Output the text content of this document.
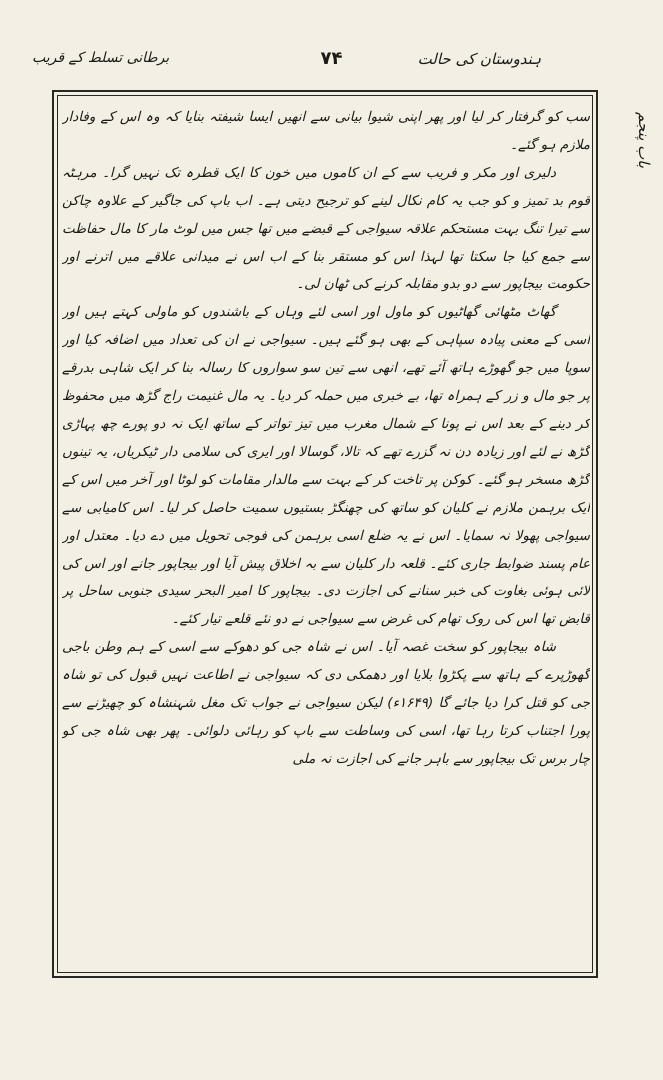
ہندوستان کی حالت
۷۴
برطانی تسلط کے قریب
باب پنجم

سب کو گرفتار کر لیا اور پھر اپنی شیوا بیانی سے انھیں ایسا شیفتہ بنایا کہ وہ اس کے وفادار ملازم ہو گئے۔

دلیری اور مکر و فریب سے کے ان کاموں میں خون کا ایک قطرہ تک نہیں گرا۔ مرہٹہ قوم بد تمیز و کو جب یہ کام نکال لینے کو ترجیح دیتی ہے۔ اب باپ کی جاگیر کے علاوہ چاکن سے تیرا تنگ بہت مستحکم علاقہ سیواجی کے قبضے میں تھا جس میں لوٹ مار کا مال حفاظت سے جمع کیا جا سکتا تھا لہذا اس کو مستقر بنا کے اب اس نے میدانی علاقے میں اترنے اور حکومت بیجاپور سے دو بدو مقابلہ کرنے کی ٹھان لی۔

گھاٹ مٹھائی گھاٹیوں کو ماول اور اسی لئے وہاں کے باشندوں کو ماولی کہتے ہیں اور اسی کے معنی پیادہ سپاہی کے بھی ہو گئے ہیں۔ سیواجی نے ان کی تعداد میں اضافہ کیا اور سوپا میں جو گھوڑے ہاتھ آئے تھے، انھی سے تین سو سواروں کا رسالہ بنا کر ایک شاہی بدرقے پر جو مال و زر کے ہمراہ تھا، بے خبری میں حملہ کر دیا۔ یہ مال غنیمت راج گڑھ میں محفوظ کر دینے کے بعد اس نے پونا کے شمال مغرب میں تیز تواتر کے ساتھ ایک نہ دو پورے چھ پہاڑی گڑھ نے لئے اور زیادہ دن نہ گزرے تھے کہ تالا، گوسالا اور ایری کی سلامی دار ٹیکریاں، یہ تینوں گڑھ مسخر ہو گئے۔ کوکن پر تاخت کر کے بہت سے مالدار مقامات کو لوٹا اور آخر میں اس کے ایک برہمن ملازم نے کلیان کو ساتھ کی چھنگڑ بستیوں سمیت حاصل کر لیا۔ اس کامیابی سے سیواجی پھولا نہ سمایا۔ اس نے یہ ضلع اسی برہمن کی فوجی تحویل میں دے دیا۔ معتدل اور عام پسند ضوابط جاری کئے۔ قلعہ دار کلیان سے بہ اخلاق پیش آیا اور بیجاپور جانے اور اس کی لائی ہوئی بغاوت کی خبر سنانے کی اجازت دی۔ بیجاپور کا امیر البحر سیدی جنوبی ساحل پر قابض تھا اس کی روک تھام کی غرض سے سیواجی نے دو نئے قلعے تیار کئے۔

شاہ بیجاپور کو سخت غصہ آیا۔ اس نے شاہ جی کو دھوکے سے اسی کے ہم وطن باجی گھوڑپرے کے ہاتھ سے پکڑوا بلایا اور دھمکی دی کہ سیواجی نے اطاعت نہیں قبول کی تو شاہ جی کو قتل کرا دیا جائے گا (۱۶۴۹ء) لیکن سیواجی نے جواب تک مغل شہنشاہ کو چھیڑنے سے پورا اجتناب کرتا رہا تھا، اسی کی وساطت سے باپ کو رہائی دلوائی۔ پھر بھی شاہ جی کو چار برس تک بیجاپور سے باہر جانے کی اجازت نہ ملی
